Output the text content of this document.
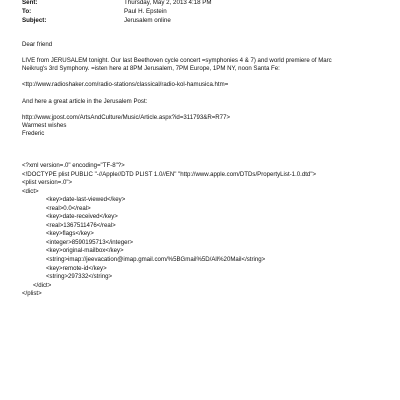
Sent:	Thursday, May 2, 2013 4:18 PM
To:	Paul H. Epstein
Subject:	Jerusalem online

Dear friend

LIVE from JERUSALEM tonight. Our last Beethoven cycle concert =symphonies 4 & 7) and world premiere of Marc

Neikrug's 3rd Symphony. =isten here at 8PM Jerusalem, 7PM Europe, 1PM NY, noon Santa Fe:

<ttp://www.radioshaker.com/radio-stations/classical/radio-kol-hamusica.htm=

And here a great article in the Jerusalem Post:

http://www.jpost.com/ArtsAndCulture/Music/Article.aspx?id=311793&R=R77>

Warmest wishes

Frederic

<?xml version=.0" encoding="TF-8"?>
<!DOCTYPE plist PUBLIC "-//Apple//DTD PLIST 1.0//EN" "http://www.apple.com/DTDs/PropertyList-1.0.dtd">
<plist version=.0">
<dict>
<key>date-last-viewed</key>
<real>0.0</real>
<key>date-received</key>
<real>1367511476</real>
<key>flags</key>
<integer>8590195713</integer>
<key>original-mailbox</key>
<string>imap://jeevacation@imap.gmail.com/%5BGmail%5D/All%20Mail</string>
<key>remote-id</key>
<string>297332</string>
</dict>
</plist>
